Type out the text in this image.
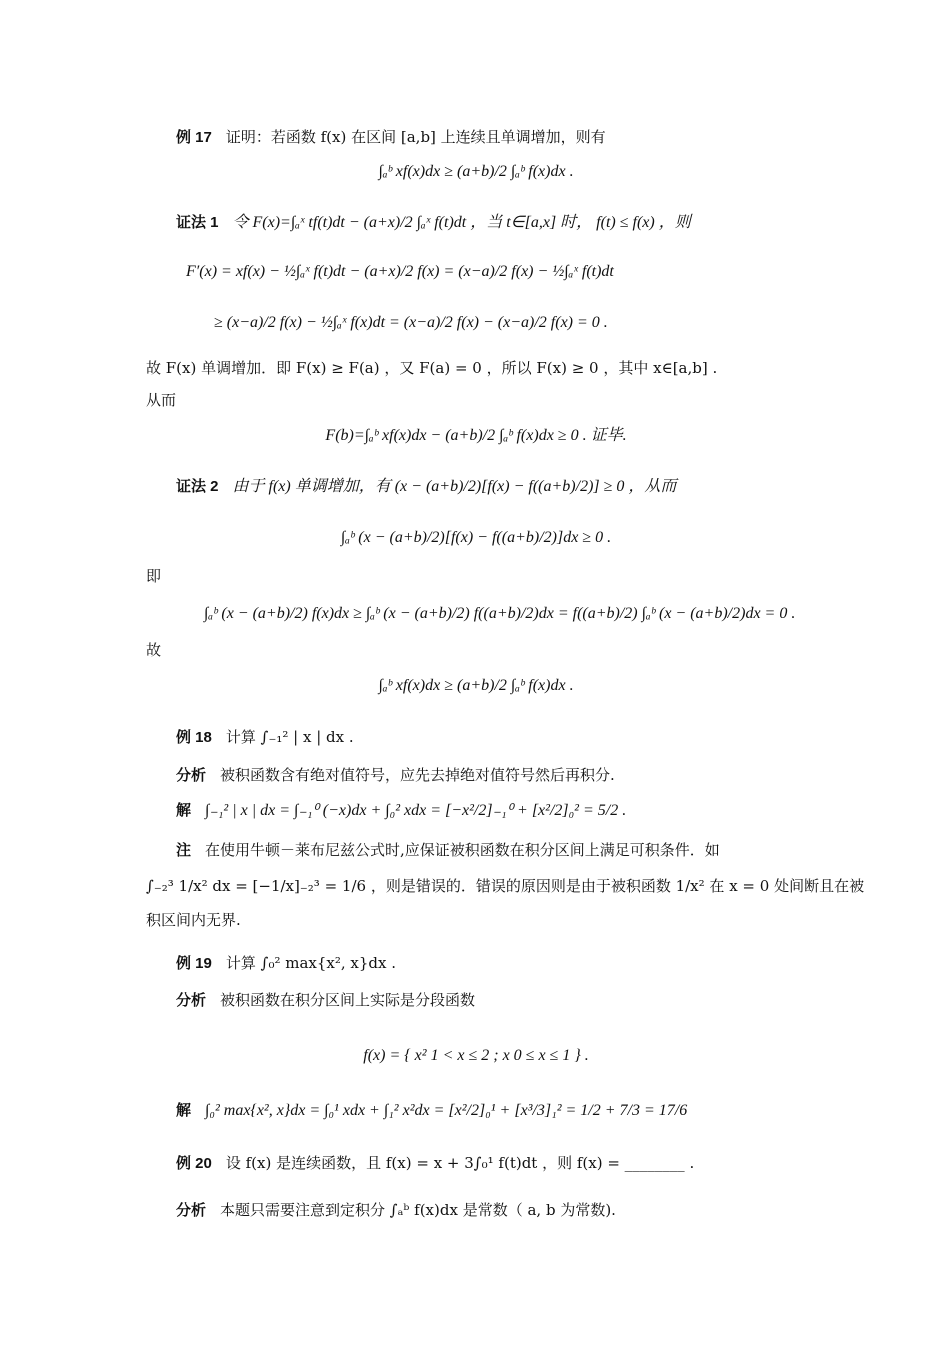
例 17 证明：若函数 f(x) 在区间 [a,b] 上连续且单调增加，则有
∫ₐᵇ xf(x)dx ≥ (a+b)/2 ∫ₐᵇ f(x)dx .
证法 1 令 F(x)=∫ₐˣ tf(t)dt − (a+x)/2 ∫ₐˣ f(t)dt ，当 t∈[a,x] 时， f(t) ≤ f(x) ，则
F′(x) = xf(x) − ½∫ₐˣ f(t)dt − (a+x)/2 f(x) = (x−a)/2 f(x) − ½∫ₐˣ f(t)dt
≥ (x−a)/2 f(x) − ½∫ₐˣ f(x)dt = (x−a)/2 f(x) − (x−a)/2 f(x) = 0 .
故 F(x) 单调增加．即 F(x) ≥ F(a) ，又 F(a) = 0 ，所以 F(x) ≥ 0 ，其中 x∈[a,b] .
从而
F(b)=∫ₐᵇ xf(x)dx − (a+b)/2 ∫ₐᵇ f(x)dx ≥ 0 . 证毕.
证法 2 由于 f(x) 单调增加，有 (x − (a+b)/2)[f(x) − f((a+b)/2)] ≥ 0 ，从而
∫ₐᵇ (x − (a+b)/2)[f(x) − f((a+b)/2)]dx ≥ 0 .
即
∫ₐᵇ (x − (a+b)/2) f(x)dx ≥ ∫ₐᵇ (x − (a+b)/2) f((a+b)/2)dx = f((a+b)/2) ∫ₐᵇ (x − (a+b)/2)dx = 0 .
故
∫ₐᵇ xf(x)dx ≥ (a+b)/2 ∫ₐᵇ f(x)dx .
例 18 计算 ∫₋₁² | x | dx .
分析 被积函数含有绝对值符号，应先去掉绝对值符号然后再积分.
解 ∫₋₁² | x | dx = ∫₋₁⁰ (−x)dx + ∫₀² xdx = [−x²/2]₋₁⁰ + [x²/2]₀² = 5/2 .
注 在使用牛顿－莱布尼兹公式时,应保证被积函数在积分区间上满足可积条件．如
∫₋₂³ 1/x² dx = [−1/x]₋₂³ = 1/6 ，则是错误的．错误的原因则是由于被积函数 1/x² 在 x = 0 处间断且在被
积区间内无界.
例 19 计算 ∫₀² max{x², x}dx .
分析 被积函数在积分区间上实际是分段函数
f(x) = { x² 1 < x ≤ 2 ; x 0 ≤ x ≤ 1 } .
解 ∫₀² max{x², x}dx = ∫₀¹ xdx + ∫₁² x²dx = [x²/2]₀¹ + [x³/3]₁² = 1/2 + 7/3 = 17/6
例 20 设 f(x) 是连续函数，且 f(x) = x + 3∫₀¹ f(t)dt ，则 f(x) = ________ .
分析 本题只需要注意到定积分 ∫ₐᵇ f(x)dx 是常数（ a, b 为常数).
